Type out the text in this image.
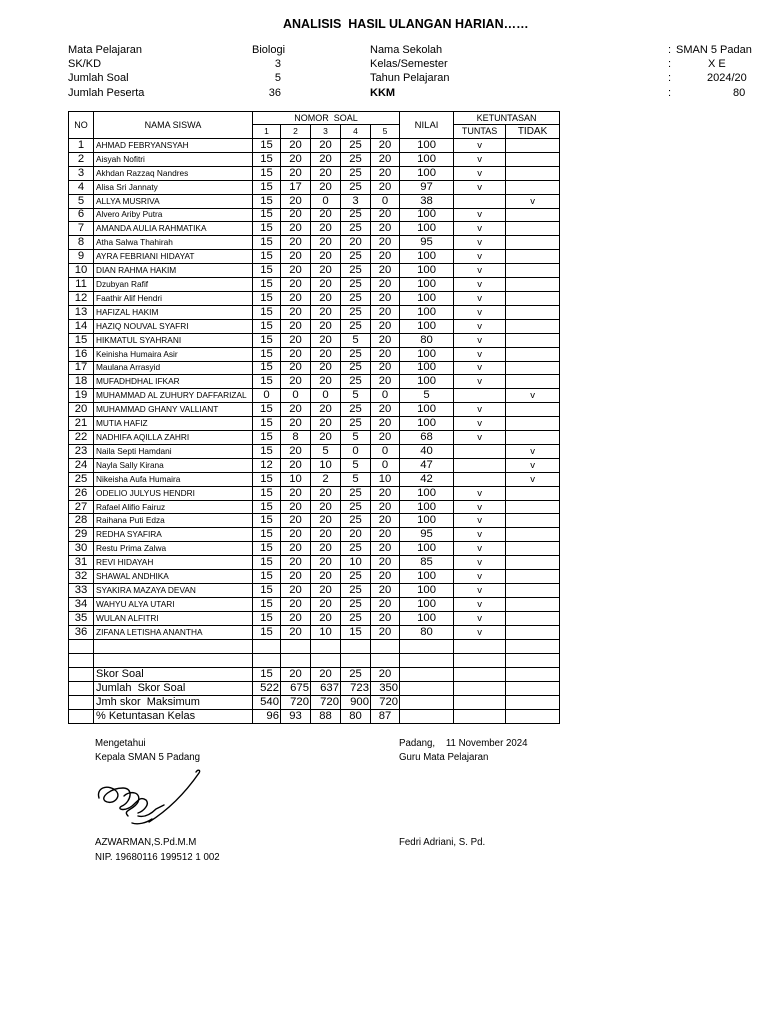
ANALISIS  HASIL ULANGAN HARIAN……
Mata Pelajaran	Biologi
SK/KD	3
Jumlah Soal	5
Jumlah Peserta	36
Nama Sekolah	: SMAN 5 Padan
Kelas/Semester	:	X E
Tahun Pelajaran	:	2024/20
KKM	:	80
NO	NAMA SISWA	NOMOR  SOAL					NILAI	KETUNTASAN	
		1	2	3	4	5		TUNTAS	TIDAK
1	AHMAD FEBRYANSYAH	15	20	20	25	20	100	v	
2	Aisyah Nofitri	15	20	20	25	20	100	v	
3	Akhdan Razzaq Nandres	15	20	20	25	20	100	v	
4	Alisa Sri Jannaty	15	17	20	25	20	97	v	
5	ALLYA MUSRIVA	15	20	0	3	0	38		v
6	Alvero Ariby Putra	15	20	20	25	20	100	v	
7	AMANDA AULIA RAHMATIKA	15	20	20	25	20	100	v	
8	Atha Salwa Thahirah	15	20	20	20	20	95	v	
9	AYRA FEBRIANI HIDAYAT	15	20	20	25	20	100	v	
10	DIAN RAHMA HAKIM	15	20	20	25	20	100	v	
11	Dzubyan Rafif	15	20	20	25	20	100	v	
12	Faathir Alif Hendri	15	20	20	25	20	100	v	
13	HAFIZAL HAKIM	15	20	20	25	20	100	v	
14	HAZIQ NOUVAL SYAFRI	15	20	20	25	20	100	v	
15	HIKMATUL SYAHRANI	15	20	20	5	20	80	v	
16	Keinisha Humaira Asir	15	20	20	25	20	100	v	
17	Maulana Arrasyid	15	20	20	25	20	100	v	
18	MUFADHDHAL IFKAR	15	20	20	25	20	100	v	
19	MUHAMMAD AL ZUHURY DAFFARIZAL	0	0	0	5	0	5		v
20	MUHAMMAD GHANY VALLIANT	15	20	20	25	20	100	v	
21	MUTIA HAFIZ	15	20	20	25	20	100	v	
22	NADHIFA AQILLA ZAHRI	15	8	20	5	20	68	v	
23	Naila Septi Hamdani	15	20	5	0	0	40		v
24	Nayla Sally Kirana	12	20	10	5	0	47		v
25	Nikeisha Aufa Humaira	15	10	2	5	10	42		v
26	ODELIO JULYUS HENDRI	15	20	20	25	20	100	v	
27	Rafael Alifio Fairuz	15	20	20	25	20	100	v	
28	Raihana Puti Edza	15	20	20	25	20	100	v	
29	REDHA SYAFIRA	15	20	20	20	20	95	v	
30	Restu Prima Zalwa	15	20	20	25	20	100	v	
31	REVI HIDAYAH	15	20	20	10	20	85	v	
32	SHAWAL ANDHIKA	15	20	20	25	20	100	v	
33	SYAKIRA MAZAYA DEVAN	15	20	20	25	20	100	v	
34	WAHYU ALYA UTARI	15	20	20	25	20	100	v	
35	WULAN ALFITRI	15	20	20	25	20	100	v	
36	ZIFANA LETISHA ANANTHA	15	20	10	15	20	80	v	

	Skor Soal	15	20	20	25	20			
	Jumlah  Skor Soal	522	675	637	723	350			
	Jmh skor  Maksimum	540	720	720	900	720			
	% Ketuntasan Kelas	96	93	88	80	87			
Mengetahui
Kepala SMAN 5 Padang
Padang,    11 November 2024
Guru Mata Pelajaran
AZWARMAN,S.Pd.M.M
NIP. 19680116 199512 1 002
Fedri Adriani, S. Pd.
